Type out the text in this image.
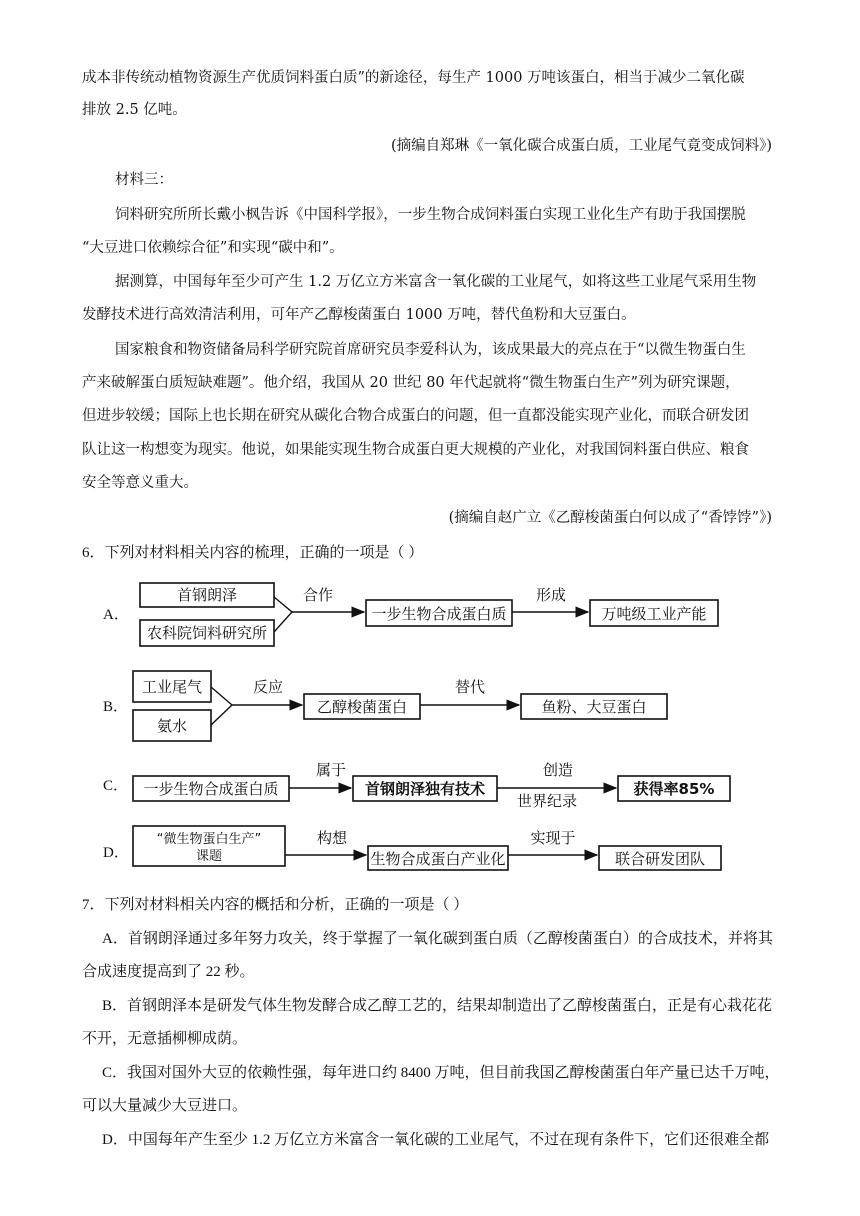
成本非传统动植物资源生产优质饲料蛋白质”的新途径，每生产 1000 万吨该蛋白，相当于减少二氧化碳
排放 2.5 亿吨。
(摘编自郑琳《一氧化碳合成蛋白质，工业尾气竟变成饲料》)
材料三：
饲料研究所所长戴小枫告诉《中国科学报》，一步生物合成饲料蛋白实现工业化生产有助于我国摆脱
“大豆进口依赖综合征”和实现“碳中和”。
据测算，中国每年至少可产生 1.2 万亿立方米富含一氧化碳的工业尾气，如将这些工业尾气采用生物
发酵技术进行高效清洁利用，可年产乙醇梭菌蛋白 1000 万吨，替代鱼粉和大豆蛋白。
国家粮食和物资储备局科学研究院首席研究员李爱科认为，该成果最大的亮点在于“以微生物蛋白生
产来破解蛋白质短缺难题”。他介绍，我国从 20 世纪 80 年代起就将“微生物蛋白生产”列为研究课题，
但进步较缓；国际上也长期在研究从碳化合物合成蛋白的问题，但一直都没能实现产业化，而联合研发团
队让这一构想变为现实。他说，如果能实现生物合成蛋白更大规模的产业化，对我国饲料蛋白供应、粮食
安全等意义重大。
(摘编自赵广立《乙醇梭菌蛋白何以成了“香饽饽”》)
6．下列对材料相关内容的梳理，正确的一项是（ ）
A．
B．
C．
D．
首钢朗泽
农科院饲料研究所
合作
一步生物合成蛋白质
形成
万吨级工业产能
工业尾气
氨水
反应
乙醇梭菌蛋白
替代
鱼粉、大豆蛋白
一步生物合成蛋白质
属于
首钢朗泽独有技术
创造
世界纪录
获得率85%
“微生物蛋白生产”
课题
构想
生物合成蛋白产业化
实现于
联合研发团队
7．下列对材料相关内容的概括和分析，正确的一项是（ ）
A．首钢朗泽通过多年努力攻关，终于掌握了一氧化碳到蛋白质（乙醇梭菌蛋白）的合成技术，并将其
合成速度提高到了 22 秒。
B．首钢朗泽本是研发气体生物发酵合成乙醇工艺的，结果却制造出了乙醇梭菌蛋白，正是有心栽花花
不开，无意插柳柳成荫。
C．我国对国外大豆的依赖性强，每年进口约 8400 万吨，但目前我国乙醇梭菌蛋白年产量已达千万吨，
可以大量减少大豆进口。
D．中国每年产生至少 1.2 万亿立方米富含一氧化碳的工业尾气，不过在现有条件下，它们还很难全都
